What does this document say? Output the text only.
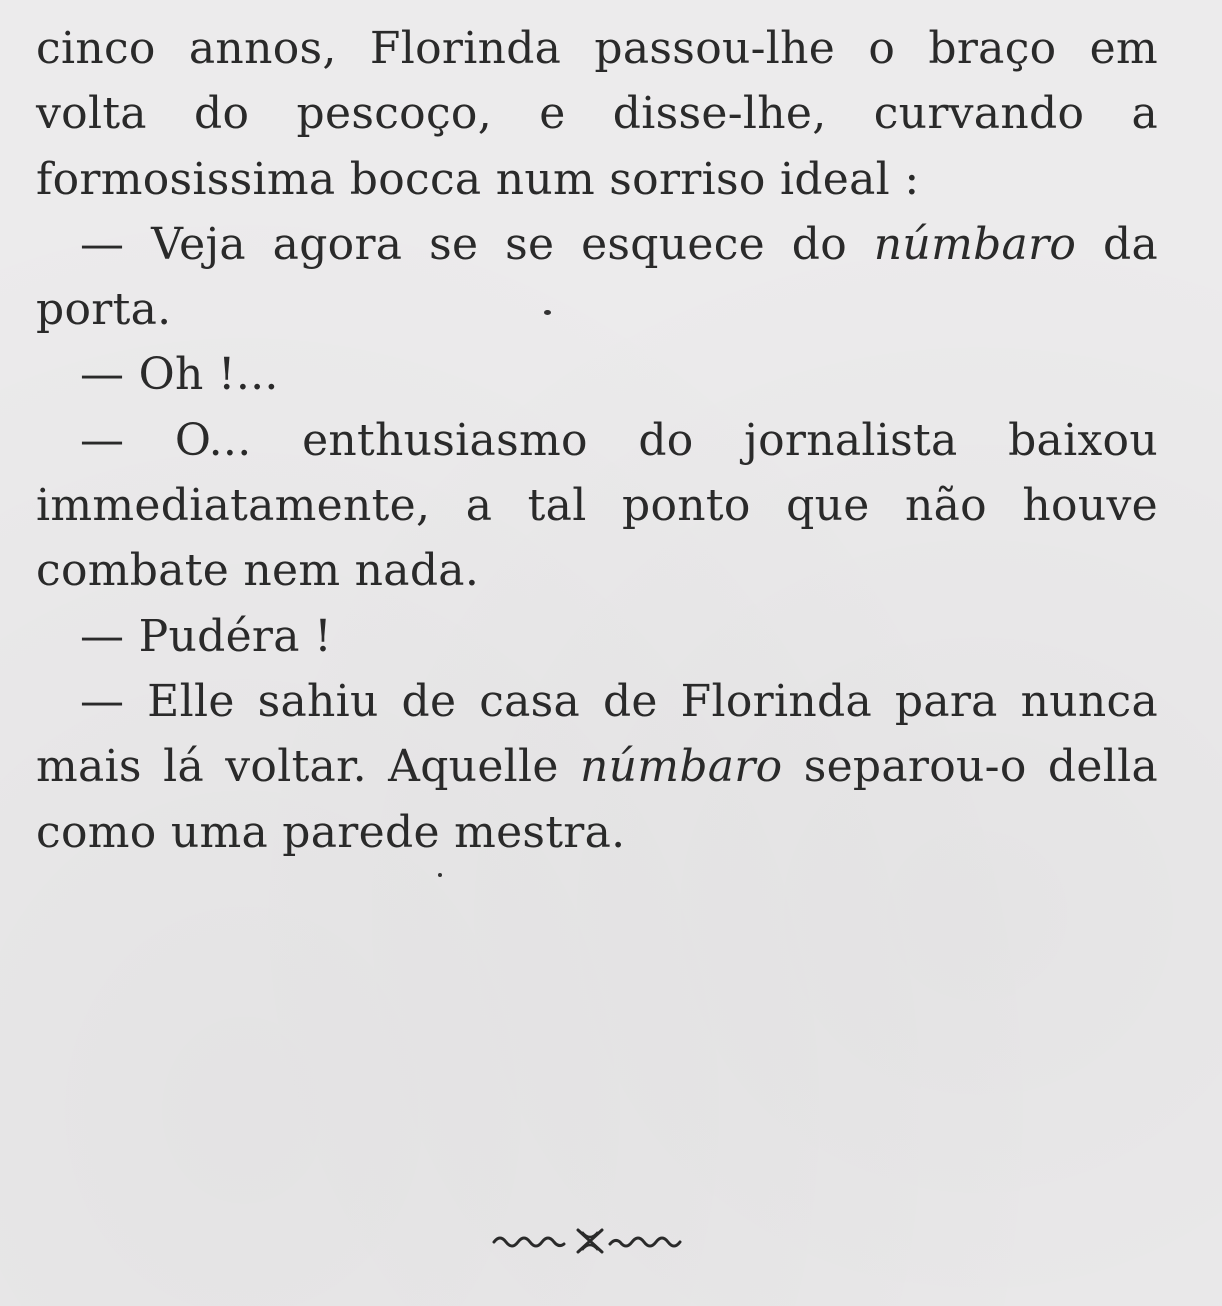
cinco annos, Florinda passou-lhe o braço em volta do pescoço, e disse-lhe, curvando a formosissima bocca num sorriso ideal :

— Veja agora se se esquece do númbaro da porta.

— Oh !...

— O... enthusiasmo do jornalista baixou immediatamente, a tal ponto que não houve combate nem nada.

— Pudéra !

— Elle sahiu de casa de Florinda para nunca mais lá voltar. Aquelle númbaro separou-o della como uma parede mestra.
